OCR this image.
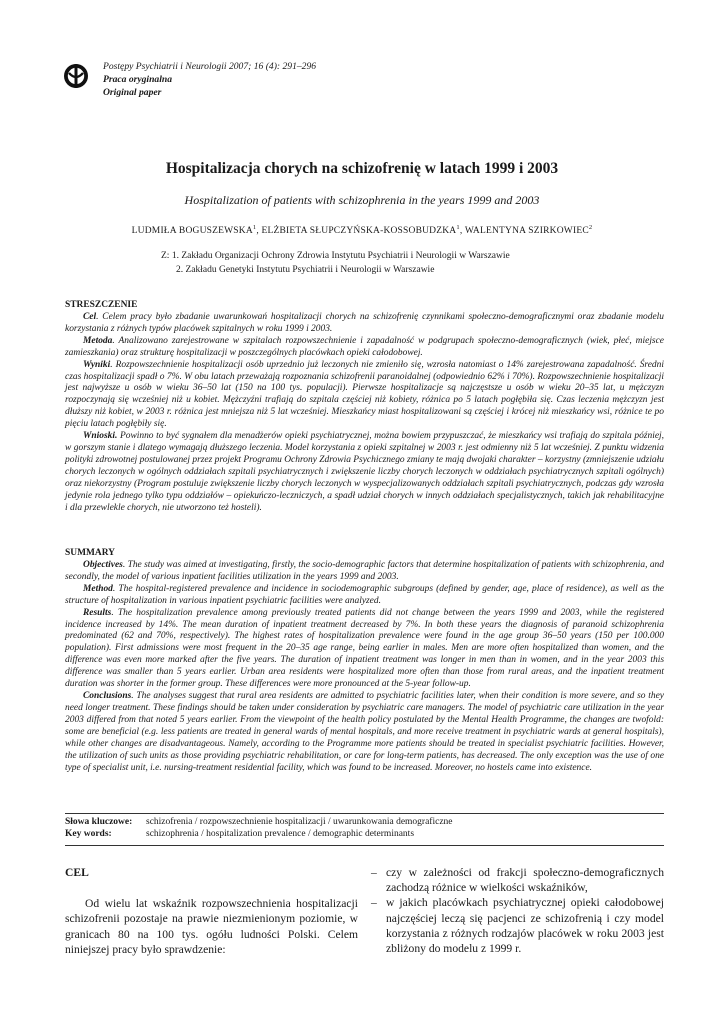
Postępy Psychiatrii i Neurologii 2007; 16 (4): 291–296
Praca oryginalna
Original paper
Hospitalizacja chorych na schizofrenię w latach 1999 i 2003
Hospitalization of patients with schizophrenia in the years 1999 and 2003
LUDMIŁA BOGUSZEWSKA$^1$, ELŻBIETA SŁUPCZYŃSKA-KOSSOBUDZKA$^1$, WALENTYNA SZIRKOWIEC$^2$
Z: 1. Zakładu Organizacji Ochrony Zdrowia Instytutu Psychiatrii i Neurologii w Warszawie
2. Zakładu Genetyki Instytutu Psychiatrii i Neurologii w Warszawie
STRESZCZENIE

Cel. Celem pracy było zbadanie uwarunkowań hospitalizacji chorych na schizofrenię czynnikami społeczno-demograficznymi oraz zbadanie modelu korzystania z różnych typów placówek szpitalnych w roku 1999 i 2003.

Metoda. Analizowano zarejestrowane w szpitalach rozpowszechnienie i zapadalność w podgrupach społeczno-demograficznych (wiek, płeć, miejsce zamieszkania) oraz strukturę hospitalizacji w poszczególnych placówkach opieki całodobowej.

Wyniki. Rozpowszechnienie hospitalizacji osób uprzednio już leczonych nie zmieniło się, wzrosła natomiast o 14% zarejestrowana zapadalność. Średni czas hospitalizacji spadł o 7%. W obu latach przeważają rozpoznania schizofrenii paranoidalnej (odpowiednio 62% i 70%). Rozpowszechnienie hospitalizacji jest najwyższe u osób w wieku 36–50 lat (150 na 100 tys. populacji). Pierwsze hospitalizacje są najczęstsze u osób w wieku 20–35 lat, u mężczyzn rozpoczynają się wcześniej niż u kobiet. Mężczyźni trafiają do szpitala częściej niż kobiety, różnica po 5 latach pogłębiła się. Czas leczenia mężczyzn jest dłuższy niż kobiet, w 2003 r. różnica jest mniejsza niż 5 lat wcześniej. Mieszkańcy miast hospitalizowani są częściej i krócej niż mieszkańcy wsi, różnice te po pięciu latach pogłębiły się.

Wnioski. Powinno to być sygnałem dla menadżerów opieki psychiatrycznej, można bowiem przypuszczać, że mieszkańcy wsi trafiają do szpitala później, w gorszym stanie i dlatego wymagają dłuższego leczenia. Model korzystania z opieki szpitalnej w 2003 r. jest odmienny niż 5 lat wcześniej. Z punktu widzenia polityki zdrowotnej postulowanej przez projekt Programu Ochrony Zdrowia Psychicznego zmiany te mają dwojaki charakter – korzystny (zmniejszenie udziału chorych leczonych w ogólnych oddziałach szpitali psychiatrycznych i zwiększenie liczby chorych leczonych w oddziałach psychiatrycznych szpitali ogólnych) oraz niekorzystny (Program postuluje zwiększenie liczby chorych leczonych w wyspecjalizowanych oddziałach szpitali psychiatrycznych, podczas gdy wzrosła jedynie rola jednego tylko typu oddziałów – opiekuńczo-leczniczych, a spadł udział chorych w innych oddziałach specjalistycznych, takich jak rehabilitacyjne i dla przewlekle chorych, nie utworzono też hosteli).

SUMMARY

Objectives. The study was aimed at investigating, firstly, the socio-demographic factors that determine hospitalization of patients with schizophrenia, and secondly, the model of various inpatient facilities utilization in the years 1999 and 2003.

Method. The hospital-registered prevalence and incidence in sociodemographic subgroups (defined by gender, age, place of residence), as well as the structure of hospitalization in various inpatient psychiatric facilities were analyzed.

Results. The hospitalization prevalence among previously treated patients did not change between the years 1999 and 2003, while the registered incidence increased by 14%. The mean duration of inpatient treatment decreased by 7%. In both these years the diagnosis of paranoid schizophrenia predominated (62 and 70%, respectively). The highest rates of hospitalization prevalence were found in the age group 36–50 years (150 per 100.000 population). First admissions were most frequent in the 20–35 age range, being earlier in males. Men are more often hospitalized than women, and the difference was even more marked after the five years. The duration of inpatient treatment was longer in men than in women, and in the year 2003 this difference was smaller than 5 years earlier. Urban area residents were hospitalized more often than those from rural areas, and the inpatient treatment duration was shorter in the former group. These differences were more pronounced at the 5-year follow-up.

Conclusions. The analyses suggest that rural area residents are admitted to psychiatric facilities later, when their condition is more severe, and so they need longer treatment. These findings should be taken under consideration by psychiatric care managers. The model of psychiatric care utilization in the year 2003 differed from that noted 5 years earlier. From the viewpoint of the health policy postulated by the Mental Health Programme, the changes are twofold: some are beneficial (e.g. less patients are treated in general wards of mental hospitals, and more receive treatment in psychiatric wards at general hospitals), while other changes are disadvantageous. Namely, according to the Programme more patients should be treated in specialist psychiatric facilities. However, the utilization of such units as those providing psychiatric rehabilitation, or care for long-term patients, has decreased. The only exception was the use of one type of specialist unit, i.e. nursing-treatment residential facility, which was found to be increased. Moreover, no hostels came into existence.

Słowa kluczowe: schizofrenia / rozpowszechnienie hospitalizacji / uwarunkowania demograficzne
Key words:	schizophrenia / hospitalization prevalence / demographic determinants
CEL

Od wielu lat wskaźnik rozpowszechnienia hospitalizacji schizofrenii pozostaje na prawie niezmienionym poziomie, w granicach 80 na 100 tys. ogółu ludności Polski. Celem niniejszej pracy było sprawdzenie:

– czy w zależności od frakcji społeczno-demograficznych zachodzą różnice w wielkości wskaźników,
– w jakich placówkach psychiatrycznej opieki całodobowej najczęściej leczą się pacjenci ze schizofrenią i czy model korzystania z różnych rodzajów placówek w roku 2003 jest zbliżony do modelu z 1999 r.
